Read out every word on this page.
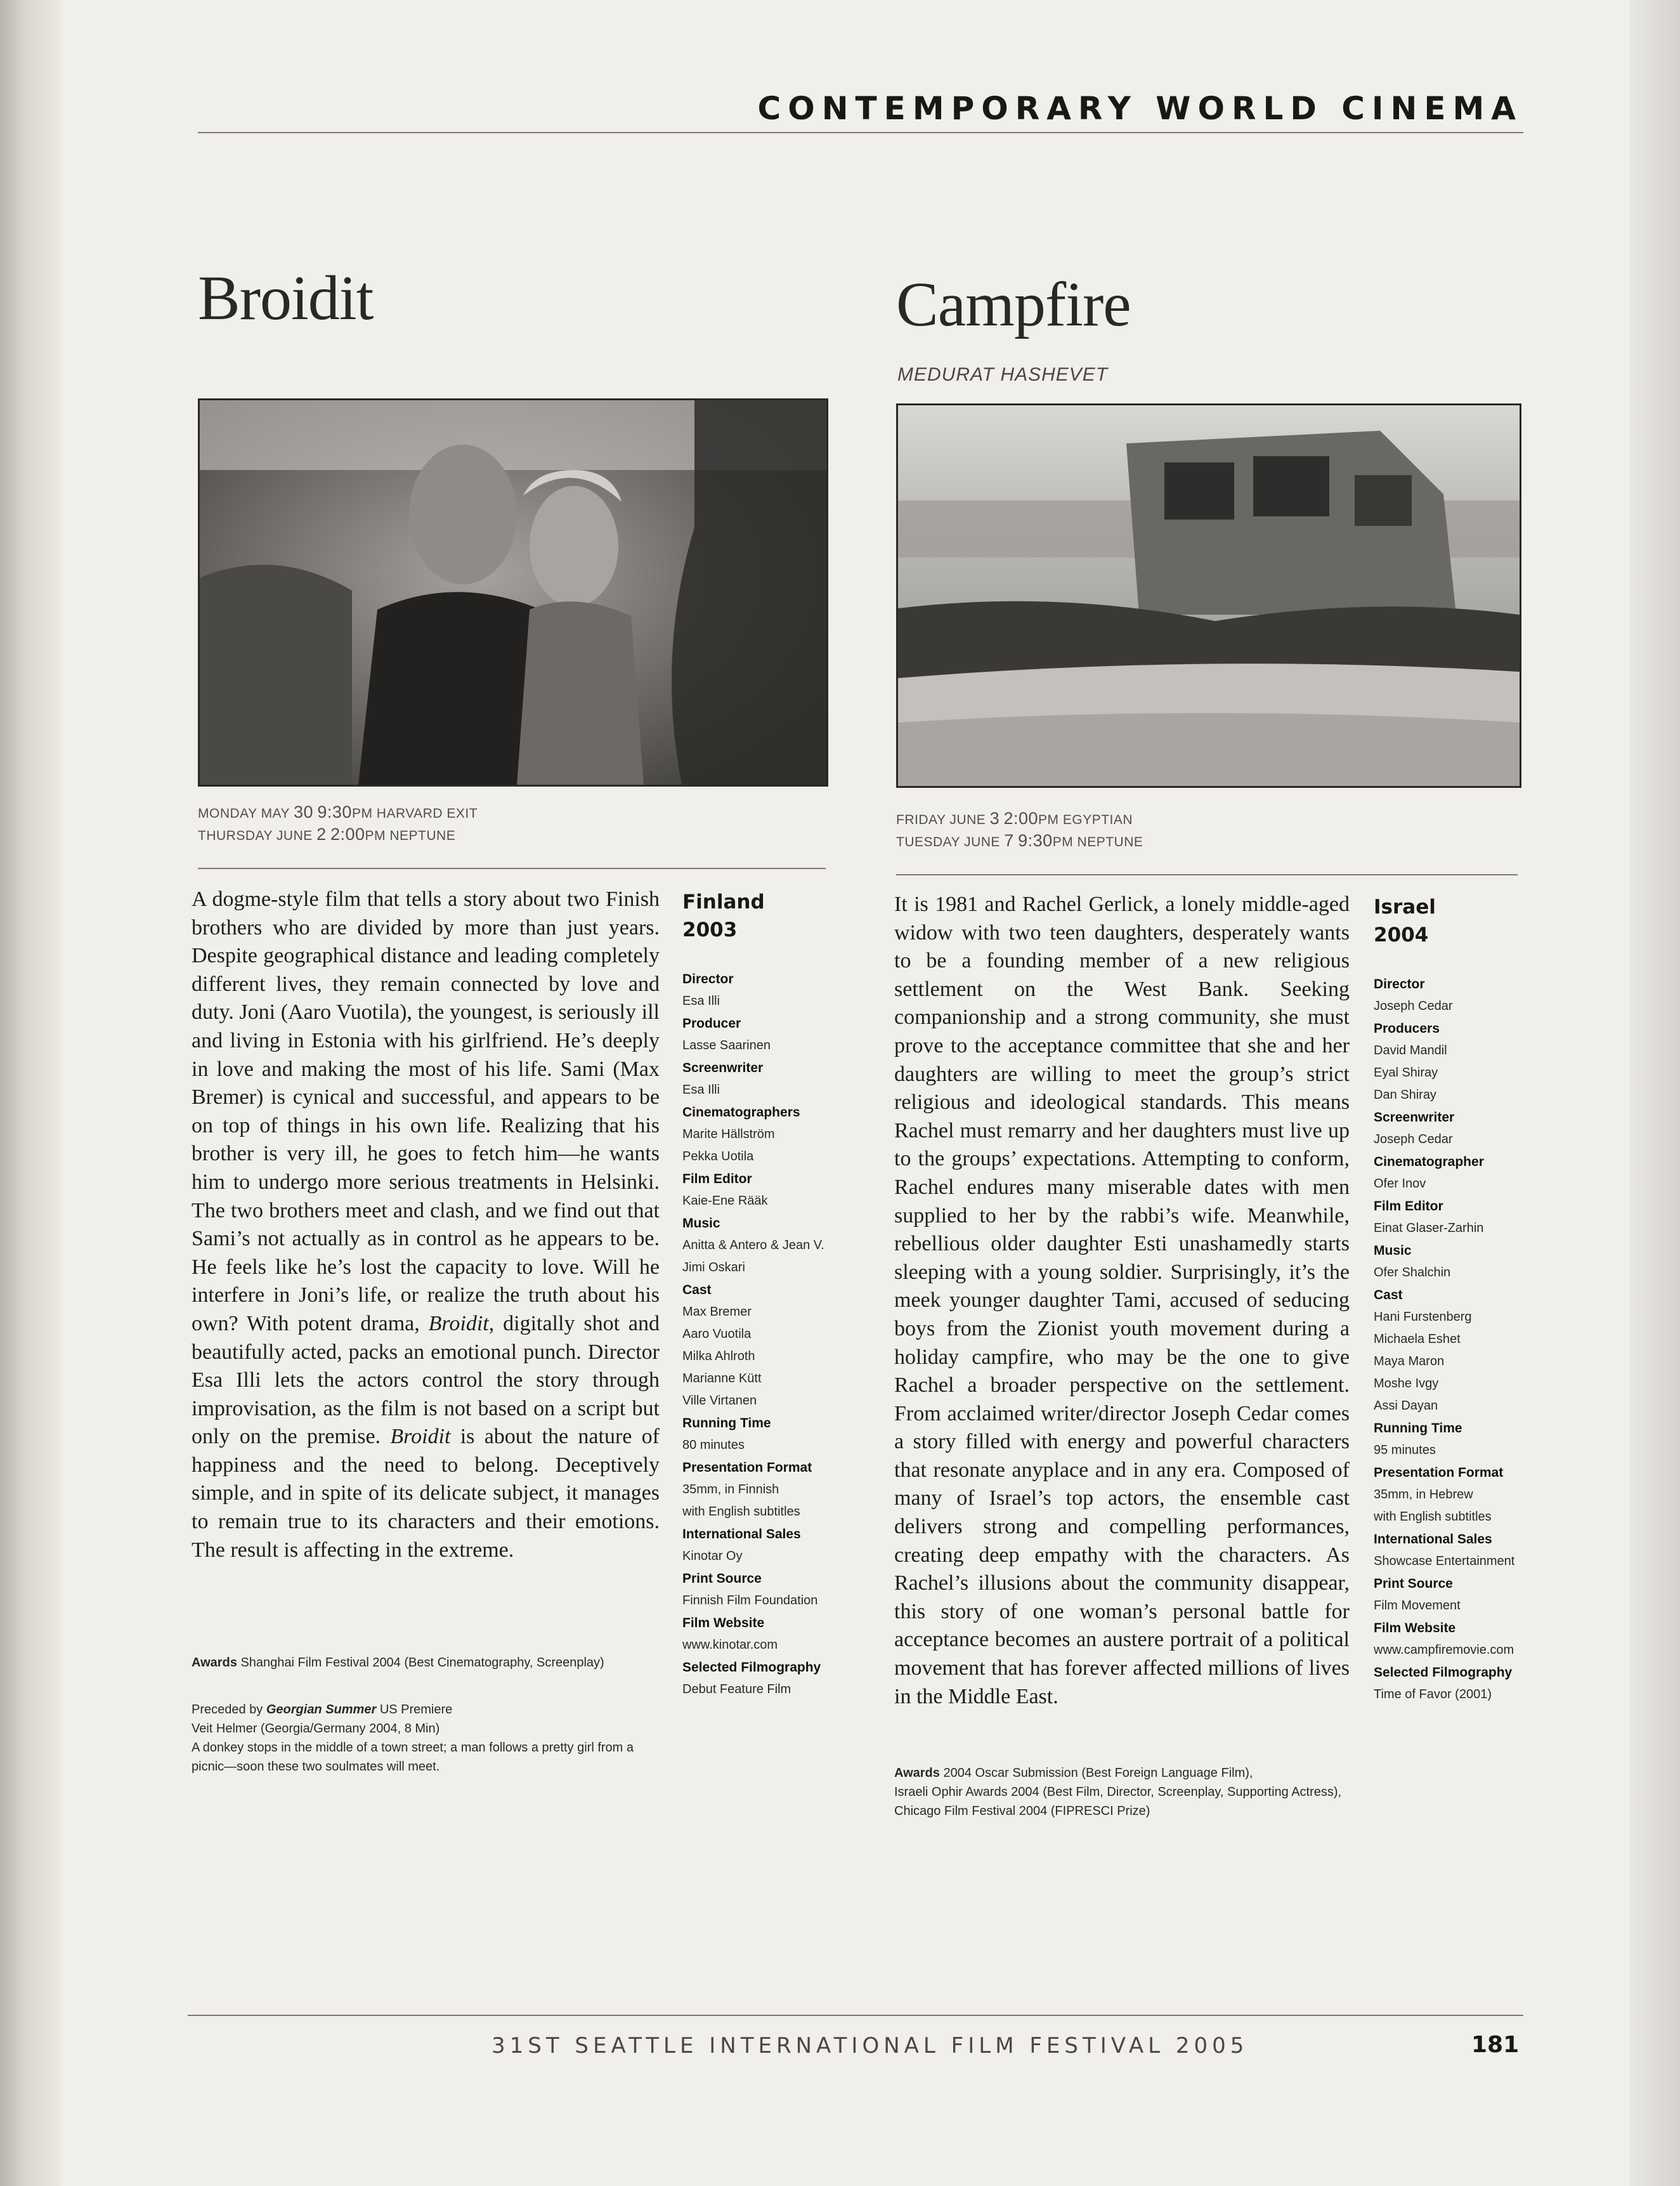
CONTEMPORARY WORLD CINEMA
Broidit
MONDAY MAY 30 9:30PM HARVARD EXIT
THURSDAY JUNE 2 2:00PM NEPTUNE
A dogme-style film that tells a story about two Finish brothers who are divided by more than just years. Despite geographical distance and leading completely different lives, they remain connected by love and duty. Joni (Aaro Vuotila), the youngest, is seriously ill and living in Estonia with his girlfriend. He’s deeply in love and making the most of his life. Sami (Max Bremer) is cynical and successful, and appears to be on top of things in his own life. Realizing that his brother is very ill, he goes to fetch him—he wants him to undergo more serious treatments in Helsinki. The two brothers meet and clash, and we find out that Sami’s not actually as in control as he appears to be. He feels like he’s lost the capacity to love. Will he interfere in Joni’s life, or realize the truth about his own? With potent drama, Broidit, digitally shot and beautifully acted, packs an emotional punch. Director Esa Illi lets the actors control the story through improvisation, as the film is not based on a script but only on the premise. Broidit is about the nature of happiness and the need to belong. Deceptively simple, and in spite of its delicate subject, it manages to remain true to its characters and their emotions. The result is affecting in the extreme.
Finland
2003
Director
Esa Illi
Producer
Lasse Saarinen
Screenwriter
Esa Illi
Cinematographers
Marite Hällström
Pekka Uotila
Film Editor
Kaie-Ene Rääk
Music
Anitta & Antero & Jean V.
Jimi Oskari
Cast
Max Bremer
Aaro Vuotila
Milka Ahlroth
Marianne Kütt
Ville Virtanen
Running Time
80 minutes
Presentation Format
35mm, in Finnish
with English subtitles
International Sales
Kinotar Oy
Print Source
Finnish Film Foundation
Film Website
www.kinotar.com
Selected Filmography
Debut Feature Film
Awards Shanghai Film Festival 2004 (Best Cinematography, Screenplay)
Preceded by Georgian Summer US Premiere
Veit Helmer (Georgia/Germany 2004, 8 Min)
A donkey stops in the middle of a town street; a man follows a pretty girl from a picnic—soon these two soulmates will meet.
Campfire
MEDURAT HASHEVET
FRIDAY JUNE 3 2:00PM EGYPTIAN
TUESDAY JUNE 7 9:30PM NEPTUNE
It is 1981 and Rachel Gerlick, a lonely middle-aged widow with two teen daughters, desperately wants to be a founding member of a new religious settlement on the West Bank. Seeking companionship and a strong community, she must prove to the acceptance committee that she and her daughters are willing to meet the group’s strict religious and ideological standards. This means Rachel must remarry and her daughters must live up to the groups’ expectations. Attempting to conform, Rachel endures many miserable dates with men supplied to her by the rabbi’s wife. Meanwhile, rebellious older daughter Esti unashamedly starts sleeping with a young soldier. Surprisingly, it’s the meek younger daughter Tami, accused of seducing boys from the Zionist youth movement during a holiday campfire, who may be the one to give Rachel a broader perspective on the settlement. From acclaimed writer/director Joseph Cedar comes a story filled with energy and powerful characters that resonate anyplace and in any era. Composed of many of Israel’s top actors, the ensemble cast delivers strong and compelling performances, creating deep empathy with the characters. As Rachel’s illusions about the community disappear, this story of one woman’s personal battle for acceptance becomes an austere portrait of a political movement that has forever affected millions of lives in the Middle East.
Israel
2004
Director
Joseph Cedar
Producers
David Mandil
Eyal Shiray
Dan Shiray
Screenwriter
Joseph Cedar
Cinematographer
Ofer Inov
Film Editor
Einat Glaser-Zarhin
Music
Ofer Shalchin
Cast
Hani Furstenberg
Michaela Eshet
Maya Maron
Moshe Ivgy
Assi Dayan
Running Time
95 minutes
Presentation Format
35mm, in Hebrew
with English subtitles
International Sales
Showcase Entertainment
Print Source
Film Movement
Film Website
www.campfiremovie.com
Selected Filmography
Time of Favor (2001)
Awards 2004 Oscar Submission (Best Foreign Language Film),
Israeli Ophir Awards 2004 (Best Film, Director, Screenplay, Supporting Actress),
Chicago Film Festival 2004 (FIPRESCI Prize)
31ST SEATTLE INTERNATIONAL FILM FESTIVAL 2005	181
